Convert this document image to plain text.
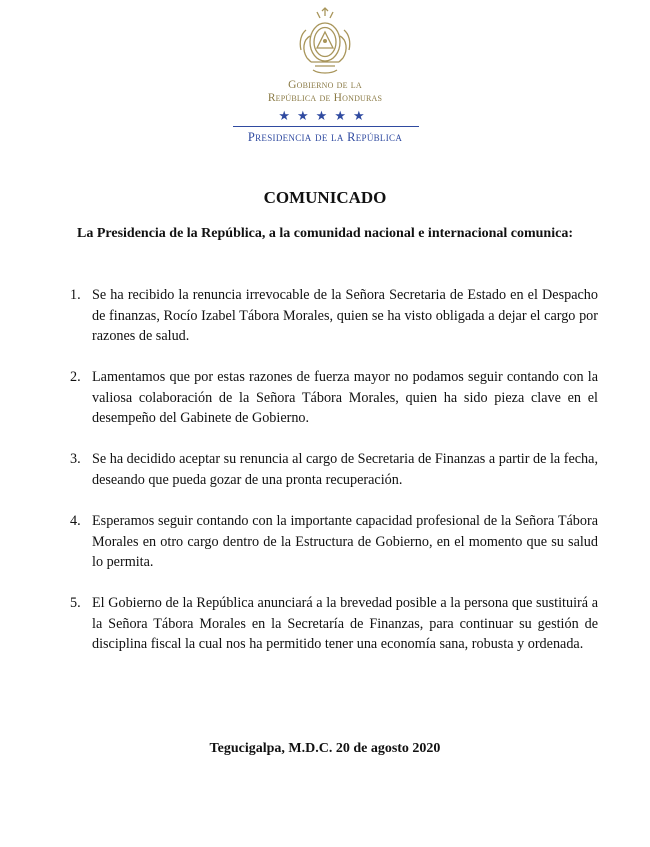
Gobierno de la
República de Honduras
★★★★★
Presidencia de la República
COMUNICADO
La Presidencia de la República, a la comunidad nacional e internacional comunica:
1. Se ha recibido la renuncia irrevocable de la Señora Secretaria de Estado en el Despacho de finanzas, Rocío Izabel Tábora Morales, quien se ha visto obligada a dejar el cargo por razones de salud.
2. Lamentamos que por estas razones de fuerza mayor no podamos seguir contando con la valiosa colaboración de la Señora Tábora Morales, quien ha sido pieza clave en el desempeño del Gabinete de Gobierno.
3. Se ha decidido aceptar su renuncia al cargo de Secretaria de Finanzas a partir de la fecha, deseando que pueda gozar de una pronta recuperación.
4. Esperamos seguir contando con la importante capacidad profesional de la Señora Tábora Morales en otro cargo dentro de la Estructura de Gobierno, en el momento que su salud lo permita.
5. El Gobierno de la República anunciará a la brevedad posible a la persona que sustituirá a la Señora Tábora Morales en la Secretaría de Finanzas, para continuar su gestión de disciplina fiscal la cual nos ha permitido tener una economía sana, robusta y ordenada.
Tegucigalpa, M.D.C. 20 de agosto 2020
